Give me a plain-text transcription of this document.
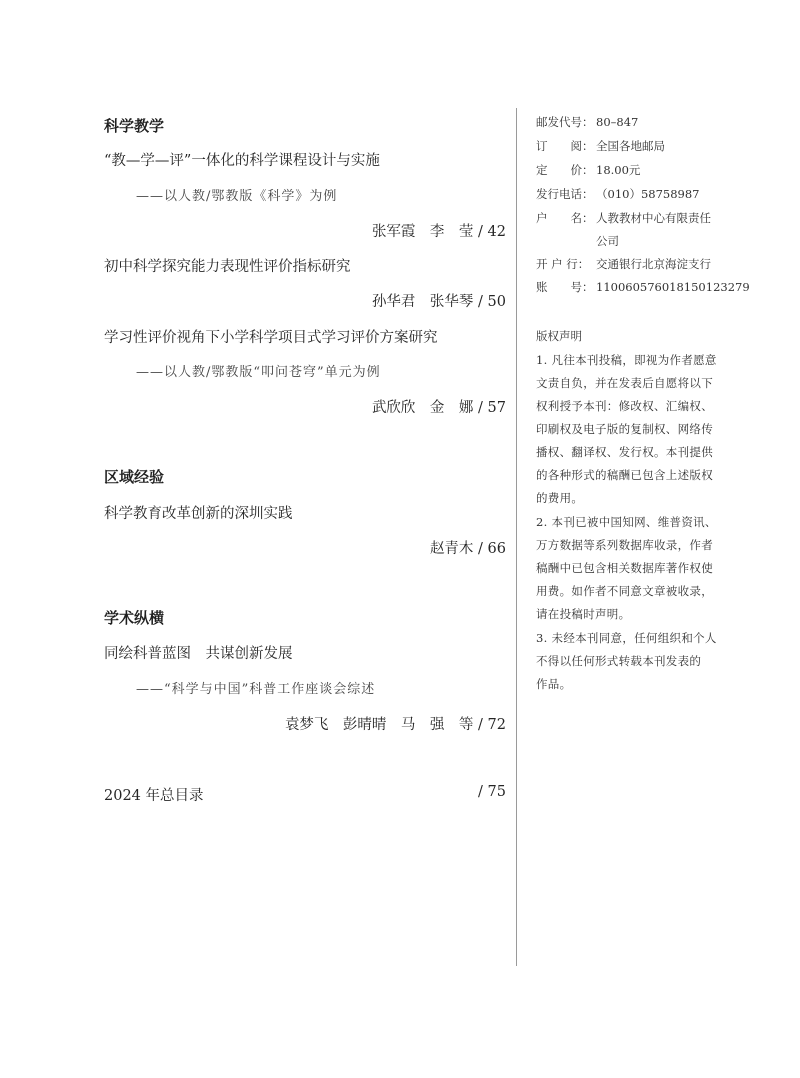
科学教学
“教—学—评”一体化的科学课程设计与实施
——以人教/鄂教版《科学》为例
张军霞　李　莹 / 42
初中科学探究能力表现性评价指标研究
孙华君　张华琴 / 50
学习性评价视角下小学科学项目式学习评价方案研究
——以人教/鄂教版“叩问苍穹”单元为例
武欣欣　金　娜 / 57
区域经验
科学教育改革创新的深圳实践
赵青木 / 66
学术纵横
同绘科普蓝图　共谋创新发展
——“科学与中国”科普工作座谈会综述
袁梦飞　彭晴晴　马　强　等 / 72
2024 年总目录	/ 75
邮发代号： 80–847
订　　阅： 全国各地邮局
定　　价： 18.00元
发行电话： （010）58758987
户　　名： 人教教材中心有限责任
公司
开 户 行： 交通银行北京海淀支行
账　　号： 110060576018150123279
版权声明
1. 凡往本刊投稿，即视为作者愿意
文责自负，并在发表后自愿将以下
权利授予本刊：修改权、汇编权、
印刷权及电子版的复制权、网络传
播权、翻译权、发行权。本刊提供
的各种形式的稿酬已包含上述版权
的费用。
2. 本刊已被中国知网、维普资讯、
万方数据等系列数据库收录，作者
稿酬中已包含相关数据库著作权使
用费。如作者不同意文章被收录，
请在投稿时声明。
3. 未经本刊同意，任何组织和个人
不得以任何形式转载本刊发表的
作品。
